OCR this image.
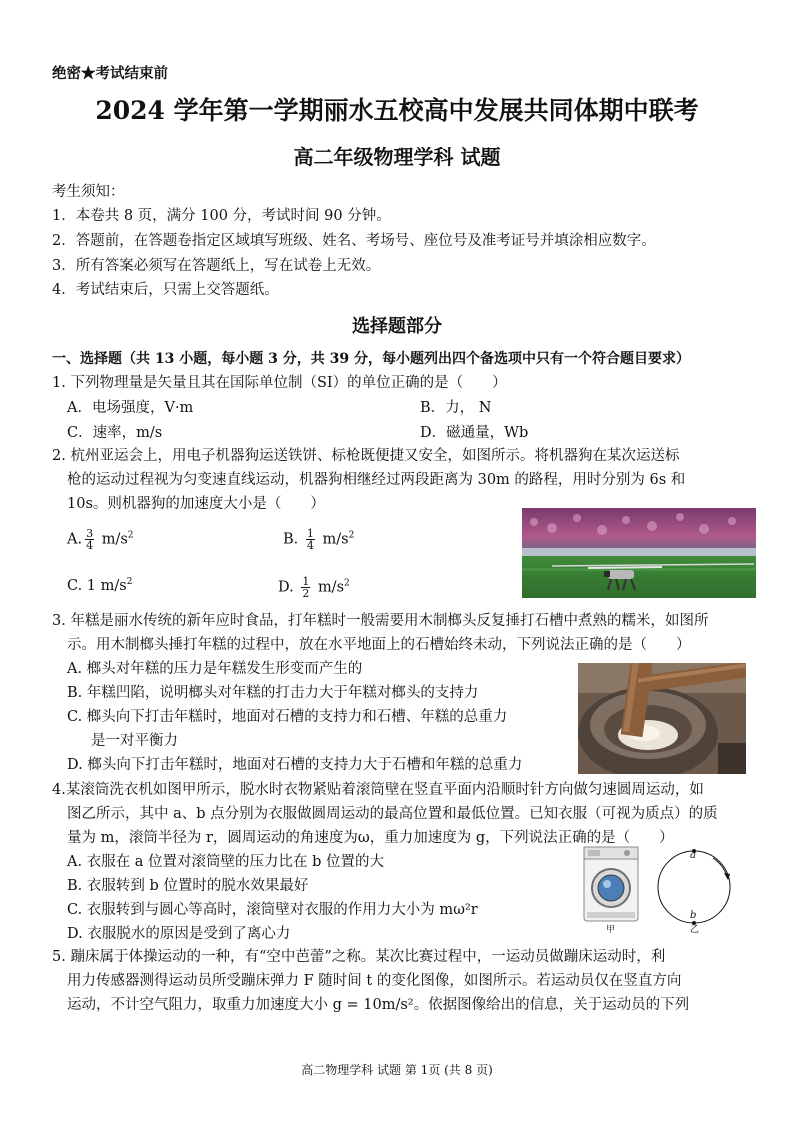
绝密★考试结束前
2024 学年第一学期丽水五校高中发展共同体期中联考
高二年级物理学科 试题
考生须知：
1．本卷共 8 页，满分 100 分，考试时间 90 分钟。
2．答题前，在答题卷指定区域填写班级、姓名、考场号、座位号及准考证号并填涂相应数字。
3．所有答案必须写在答题纸上，写在试卷上无效。
4．考试结束后，只需上交答题纸。
选择题部分
一、选择题（共 13 小题，每小题 3 分，共 39 分，每小题列出四个备选项中只有一个符合题目要求）
1. 下列物理量是矢量且其在国际单位制（SI）的单位正确的是（　　）
A．电场强度，V·m	B．力， N
C．速率，m/s	D．磁通量，Wb
2. 杭州亚运会上，用电子机器狗运送铁饼、标枪既便捷又安全，如图所示。将机器狗在某次运送标
枪的运动过程视为匀变速直线运动，机器狗相继经过两段距离为 30m 的路程，用时分别为 6s 和
10s。则机器狗的加速度大小是（　　）
A. $\frac{3}{4} m/s^2$	B. $\frac{1}{4} m/s^2$
C. 1 $m/s^2$	D. $\frac{1}{2} m/s^2$
3. 年糕是丽水传统的新年应时食品，打年糕时一般需要用木制榔头反复捶打石槽中煮熟的糯米，如图所
示。用木制榔头捶打年糕的过程中，放在水平地面上的石槽始终未动，下列说法正确的是（　　）
A. 榔头对年糕的压力是年糕发生形变而产生的
B. 年糕凹陷，说明榔头对年糕的打击力大于年糕对榔头的支持力
C. 榔头向下打击年糕时，地面对石槽的支持力和石槽、年糕的总重力
是一对平衡力
D. 榔头向下打击年糕时，地面对石槽的支持力大于石槽和年糕的总重力
4.某滚筒洗衣机如图甲所示，脱水时衣物紧贴着滚筒壁在竖直平面内沿顺时针方向做匀速圆周运动，如
图乙所示，其中 a、b 点分别为衣服做圆周运动的最高位置和最低位置。已知衣服（可视为质点）的质
量为 m，滚筒半径为 r，圆周运动的角速度为ω，重力加速度为 g，下列说法正确的是（　　）
A. 衣服在 a 位置对滚筒壁的压力比在 b 位置的大
B. 衣服转到 b 位置时的脱水效果最好
C. 衣服转到与圆心等高时，滚筒壁对衣服的作用力大小为 mω²r
D. 衣服脱水的原因是受到了离心力	甲
a
b
乙
5. 蹦床属于体操运动的一种，有“空中芭蕾”之称。某次比赛过程中，一运动员做蹦床运动时，利
用力传感器测得运动员所受蹦床弹力 F 随时间 t 的变化图像，如图所示。若运动员仅在竖直方向
运动，不计空气阻力，取重力加速度大小 g = 10m/s²。依据图像给出的信息，关于运动员的下列
高二物理学科 试题 第 1页 (共 8 页)
